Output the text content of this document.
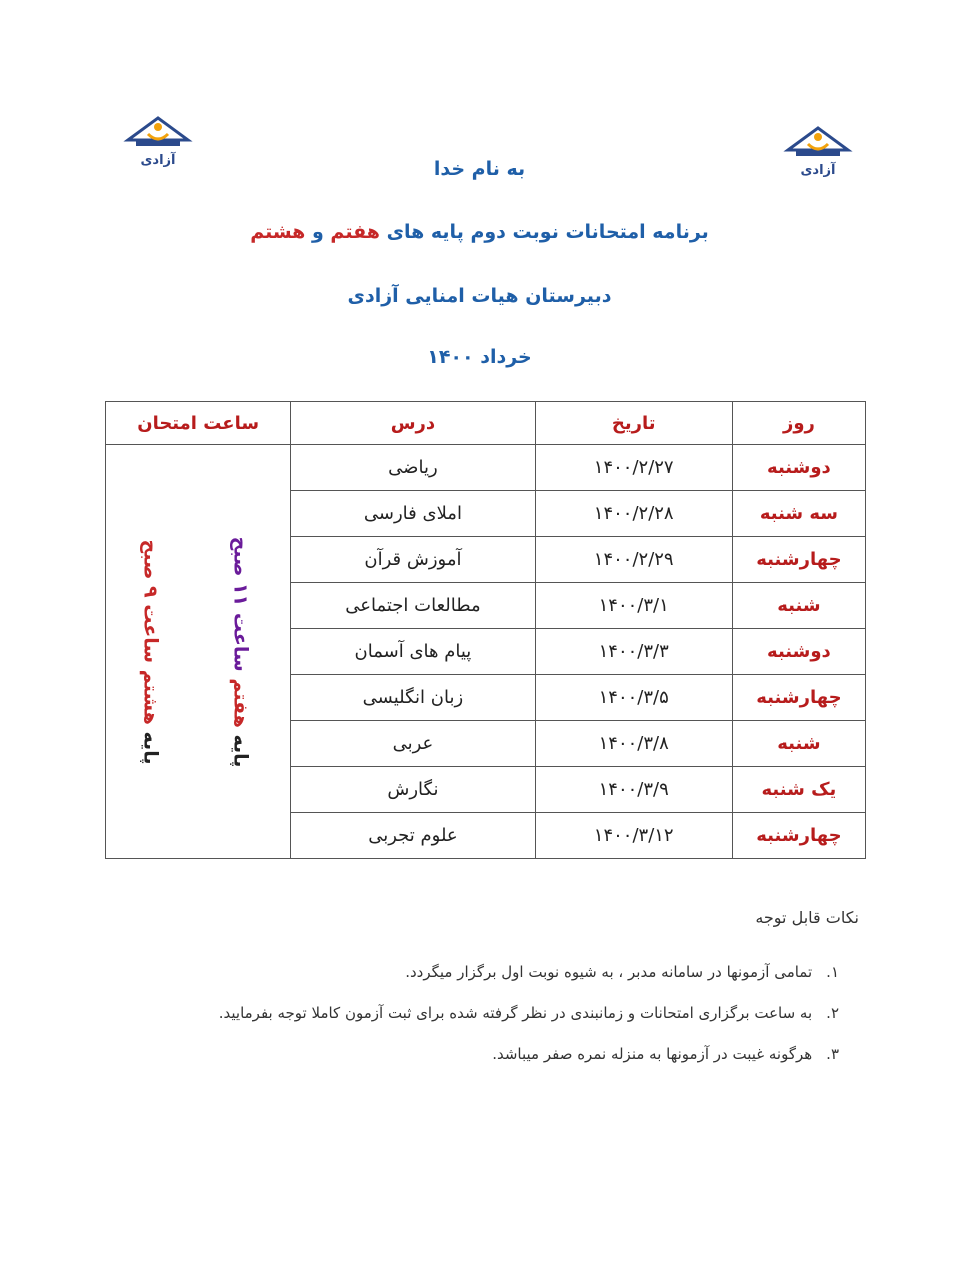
آزادی
آزادی
به نام خدا
برنامه امتحانات نوبت دوم پایه های هفتم و هشتم
دبیرستان هیات امنایی آزادی
خرداد ۱۴۰۰
روز	تاریخ	درس	ساعت امتحان
دوشنبه	۱۴۰۰/۲/۲۷	ریاضی	پایه هفتم ساعت ۱۱ صبح
پایه هشتم ساعت ۹ صبح

سه شنبه	۱۴۰۰/۲/۲۸	املای فارسی	
چهارشنبه	۱۴۰۰/۲/۲۹	آموزش قرآن	
شنبه	۱۴۰۰/۳/۱	مطالعات اجتماعی	
دوشنبه	۱۴۰۰/۳/۳	پیام های آسمان	
چهارشنبه	۱۴۰۰/۳/۵	زبان انگلیسی	
شنبه	۱۴۰۰/۳/۸	عربی	
یک شنبه	۱۴۰۰/۳/۹	نگارش	
چهارشنبه	۱۴۰۰/۳/۱۲	علوم تجربی	
نکات قابل توجه
۱.تمامی آزمونها در سامانه مدبر ، به شیوه نوبت اول برگزار میگردد.
۲.به ساعت برگزاری امتحانات و زمانبندی در نظر گرفته شده برای ثبت آزمون کاملا توجه بفرمایید.
۳.هرگونه غیبت در آزمونها به منزله نمره صفر میباشد.
